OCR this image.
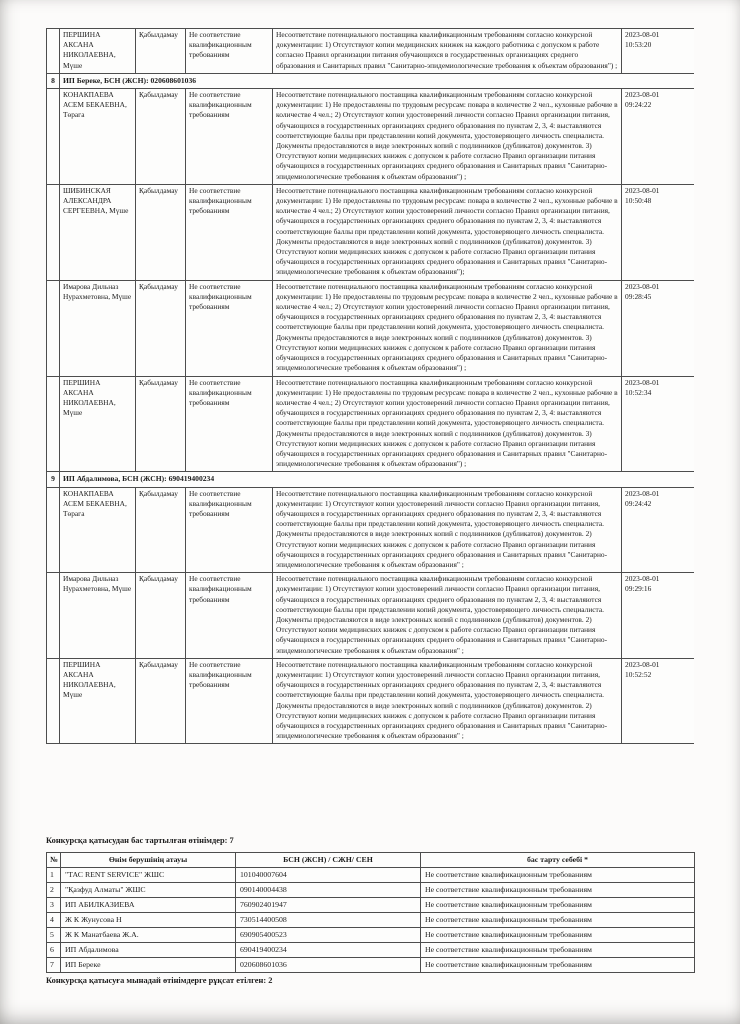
	ПЕРШИНА АКСАНА НИКОЛАЕВНА, Мүше	Қабылдамау	Не соответствие квалификационным требованиям	Несоответствие потенциального поставщика квалификационным требованиям согласно конкурсной документации: 1) Отсутствуют копии медицинских книжек на каждого работника с допуском к работе согласно Правил организации питания обучающихся в государственных организациях среднего образования и Санитарных правил "Санитарно-эпидемиологические требования к объектам образования") ;	2023-08-01
10:53:20

8	ИП Береке, БСН (ЖСН): 020608601036				
	КОНАКПАЕВА АСЕМ БЕКАЕВНА, Төрага	Қабылдамау	Не соответствие квалификационным требованиям	Несоответствие потенциального поставщика квалификационным требованиям согласно конкурсной документации: 1) Не предоставлены по трудовым ресурсам: повара в количестве 2 чел., кухонные рабочие в количестве 4 чел.; 2) Отсутствуют копии удостоверений личности согласно Правил организации питания, обучающихся в государственных организациях среднего образования по пунктам 2, 3, 4: выставляются соответствующие баллы при представлении копий документа, удостоверяющего личность специалиста. Документы предоставляются в виде электронных копий с подлинников (дубликатов) документов. 3) Отсутствуют копии медицинских книжек с допуском к работе согласно Правил организации питания обучающихся в государственных организациях среднего образования и Санитарных правил "Санитарно-эпидемиологические требования к объектам образования") ;	2023-08-01
09:24:22

	ШИБИНСКАЯ АЛЕКСАНДРА СЕРГЕЕВНА, Мүше	Қабылдамау	Не соответствие квалификационным требованиям	Несоответствие потенциального поставщика квалификационным требованиям согласно конкурсной документации: 1) Не предоставлены по трудовым ресурсам: повара в количестве 2 чел., кухонные рабочие в количестве 4 чел.; 2) Отсутствуют копии удостоверений личности согласно Правил организации питания, обучающихся в государственных организациях среднего образования по пунктам 2, 3, 4: выставляются соответствующие баллы при представлении копий документа, удостоверяющего личность специалиста. Документы предоставляются в виде электронных копий с подлинников (дубликатов) документов. 3) Отсутствуют копии медицинских книжек с допуском к работе согласно Правил организации питания обучающихся в государственных организациях среднего образования и Санитарных правил "Санитарно-эпидемиологические требования к объектам образования");	2023-08-01
10:50:48

	Имарова Дильназ Нурахметовна, Мүше	Қабылдамау	Не соответствие квалификационным требованиям	Несоответствие потенциального поставщика квалификационным требованиям согласно конкурсной документации: 1) Не предоставлены по трудовым ресурсам: повара в количестве 2 чел., кухонные рабочие в количестве 4 чел.; 2) Отсутствуют копии удостоверений личности согласно Правил организации питания, обучающихся в государственных организациях среднего образования по пунктам 2, 3, 4: выставляются соответствующие баллы при представлении копий документа, удостоверяющего личность специалиста. Документы предоставляются в виде электронных копий с подлинников (дубликатов) документов. 3) Отсутствуют копии медицинских книжек с допуском к работе согласно Правил организации питания обучающихся в государственных организациях среднего образования и Санитарных правил "Санитарно-эпидемиологические требования к объектам образования") ;	2023-08-01
09:28:45

	ПЕРШИНА АКСАНА НИКОЛАЕВНА, Мүше	Қабылдамау	Не соответствие квалификационным требованиям	Несоответствие потенциального поставщика квалификационным требованиям согласно конкурсной документации: 1) Не предоставлены по трудовым ресурсам: повара в количестве 2 чел., кухонные рабочие в количестве 4 чел.; 2) Отсутствуют копии удостоверений личности согласно Правил организации питания, обучающихся в государственных организациях среднего образования по пунктам 2, 3, 4: выставляются соответствующие баллы при представлении копий документа, удостоверяющего личность специалиста. Документы предоставляются в виде электронных копий с подлинников (дубликатов) документов. 3) Отсутствуют копии медицинских книжек с допуском к работе согласно Правил организации питания обучающихся в государственных организациях среднего образования и Санитарных правил "Санитарно-эпидемиологические требования к объектам образования") ;	2023-08-01
10:52:34

9	ИП Абдалимова, БСН (ЖСН): 690419400234				
	КОНАКПАЕВА АСЕМ БЕКАЕВНА, Төрага	Қабылдамау	Не соответствие квалификационным требованиям	Несоответствие потенциального поставщика квалификационным требованиям согласно конкурсной документации: 1) Отсутствуют копии удостоверений личности согласно Правил организации питания, обучающихся в государственных организациях среднего образования по пунктам 2, 3, 4: выставляются соответствующие баллы при представлении копий документа, удостоверяющего личность специалиста. Документы предоставляются в виде электронных копий с подлинников (дубликатов) документов. 2) Отсутствуют копии медицинских книжек с допуском к работе согласно Правил организации питания обучающихся в государственных организациях среднего образования и Санитарных правил "Санитарно-эпидемиологические требования к объектам образования" ;	2023-08-01
09:24:42

	Имарова Дильназ Нурахметовна, Мүше	Қабылдамау	Не соответствие квалификационным требованиям	Несоответствие потенциального поставщика квалификационным требованиям согласно конкурсной документации: 1) Отсутствуют копии удостоверений личности согласно Правил организации питания, обучающихся в государственных организациях среднего образования по пунктам 2, 3, 4: выставляются соответствующие баллы при представлении копий документа, удостоверяющего личность специалиста. Документы предоставляются в виде электронных копий с подлинников (дубликатов) документов. 2) Отсутствуют копии медицинских книжек с допуском к работе согласно Правил организации питания обучающихся в государственных организациях среднего образования и Санитарных правил "Санитарно-эпидемиологические требования к объектам образования" ;	2023-08-01
09:29:16

	ПЕРШИНА АКСАНА НИКОЛАЕВНА, Мүше	Қабылдамау	Не соответствие квалификационным требованиям	Несоответствие потенциального поставщика квалификационным требованиям согласно конкурсной документации: 1) Отсутствуют копии удостоверений личности согласно Правил организации питания, обучающихся в государственных организациях среднего образования по пунктам 2, 3, 4: выставляются соответствующие баллы при представлении копий документа, удостоверяющего личность специалиста. Документы предоставляются в виде электронных копий с подлинников (дубликатов) документов. 2) Отсутствуют копии медицинских книжек с допуском к работе согласно Правил организации питания обучающихся в государственных организациях среднего образования и Санитарных правил "Санитарно-эпидемиологические требования к объектам образования" ;	2023-08-01
10:52:52
Конкурсқа қатысудан бас тартылған өтінімдер: 7
№	Өнім берушінің атауы	БСН (ЖСН) / СЖН/ СЕН	бас тарту себебі *
1	"ТАС RENT SERVICE" ЖШС	101040007604	Не соответствие квалификационным требованиям
2	"Қазфуд Алматы" ЖШС	090140004438	Не соответствие квалификационным требованиям
3	ИП АБИЛКАЗИЕВА	760902401947	Не соответствие квалификационным требованиям
4	Ж К Жунусова Н	730514400508	Не соответствие квалификационным требованиям
5	Ж К Манатбаева Ж.А.	690905400523	Не соответствие квалификационным требованиям
6	ИП Абдалимова	690419400234	Не соответствие квалификационным требованиям
7	ИП Береке	020608601036	Не соответствие квалификационным требованиям
Конкурсқа қатысуға мынадай өтінімдерге рұқсат етілген: 2
